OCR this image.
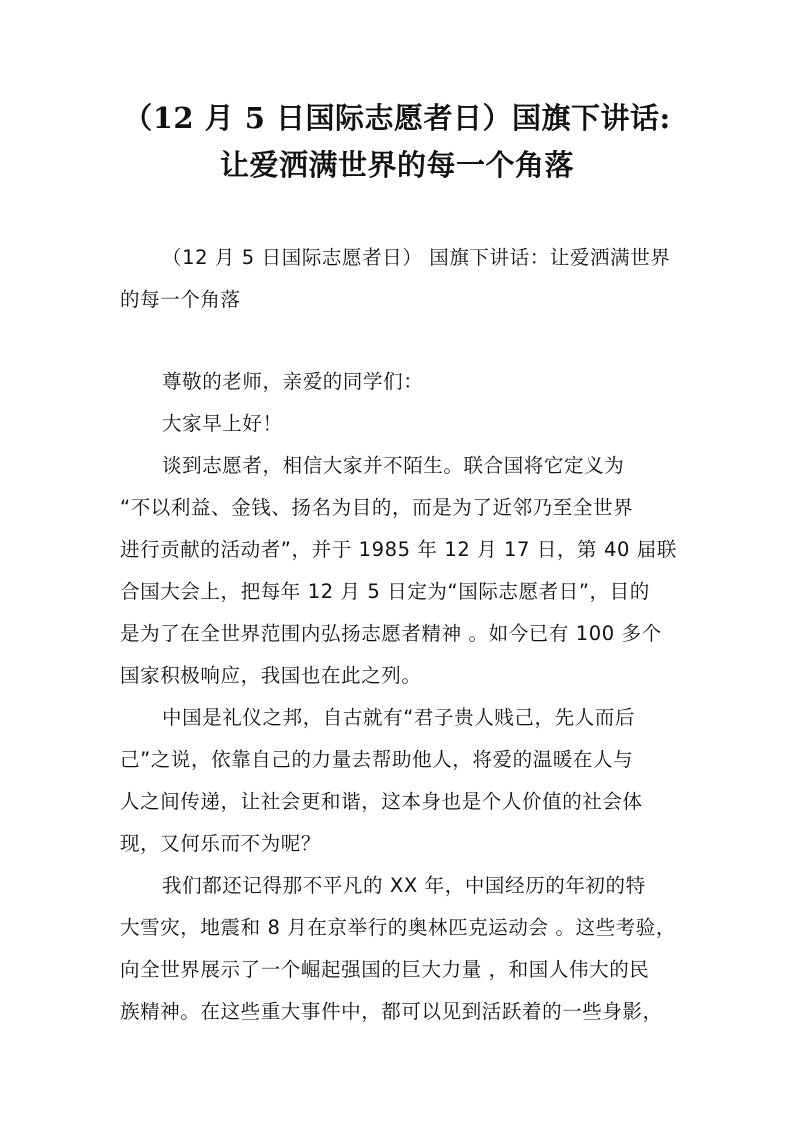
（12 月 5 日国际志愿者日）国旗下讲话:
让爱洒满世界的每一个角落
（12 月 5 日国际志愿者日） 国旗下讲话：让爱洒满世界
的每一个角落
尊敬的老师，亲爱的同学们：
大家早上好！
谈到志愿者，相信大家并不陌生。联合国将它定义为
“不以利益、金钱、扬名为目的，而是为了近邻乃至全世界
进行贡献的活动者”，并于 1985 年 12 月 17 日，第 40 届联
合国大会上，把每年 12 月 5 日定为“国际志愿者日”，目的
是为了在全世界范围内弘扬志愿者精神 。如今已有 100 多个
国家积极响应，我国也在此之列。
中国是礼仪之邦，自古就有“君子贵人贱己，先人而后
己”之说，依靠自己的力量去帮助他人，将爱的温暖在人与
人之间传递，让社会更和谐，这本身也是个人价值的社会体
现，又何乐而不为呢？
我们都还记得那不平凡的 XX 年，中国经历的年初的特
大雪灾，地震和 8 月在京举行的奥林匹克运动会 。这些考验，
向全世界展示了一个崛起强国的巨大力量 ，和国人伟大的民
族精神。在这些重大事件中，都可以见到活跃着的一些身影，
